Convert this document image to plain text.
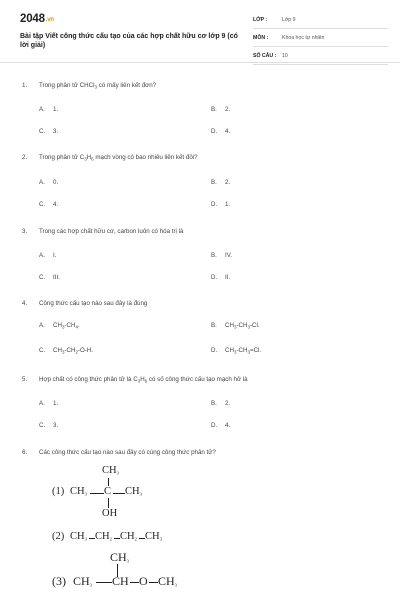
2048.vn
Bài tập Viết công thức cấu tạo của các hợp chất hữu cơ lớp 9 (có lời giải)
LỚP :	Lớp 9
MÔN :	Khoa học tự nhiên
SỐ CÂU : 10
1. Trong phân tử CHCl$_3$ có mấy liên kết đơn?
A. 1.	B. 2.
C. 3.	D. 4.
2. Trong phân tử $C_3H_6$ mạch vòng có bao nhiêu liên kết đôi?
A. 0.	B. 2.
C. 4.	D. 1.
3. Trong các hợp chất hữu cơ, carbon luôn có hóa trị là
A. I.	B. IV.
C. III.	D. II.
4. Công thức cấu tạo nào sau đây là đúng
A. $CH_3-CH_4$.	B. $CH_3-CH_3-Cl$.
C. $CH_3-CH_2-O-H$.	D. $CH_3-CH_3=Cl$.
5. Hợp chất có công thức phân tử là $C_3H_6$ có số công thức cấu tạo mạch hở là
A. 1.	B. 2.
C. 3.	D. 4.
6. Các công thức cấu tạo nào sau đây có cùng công thức phân tử?
$CH_3$
(1) $CH_3$ C $CH_3$
OH
(2) $CH_3$ $CH_2$ $CH_2$ $CH_3$
$CH_3$
(3) $CH_3$ CH O $CH_3$
